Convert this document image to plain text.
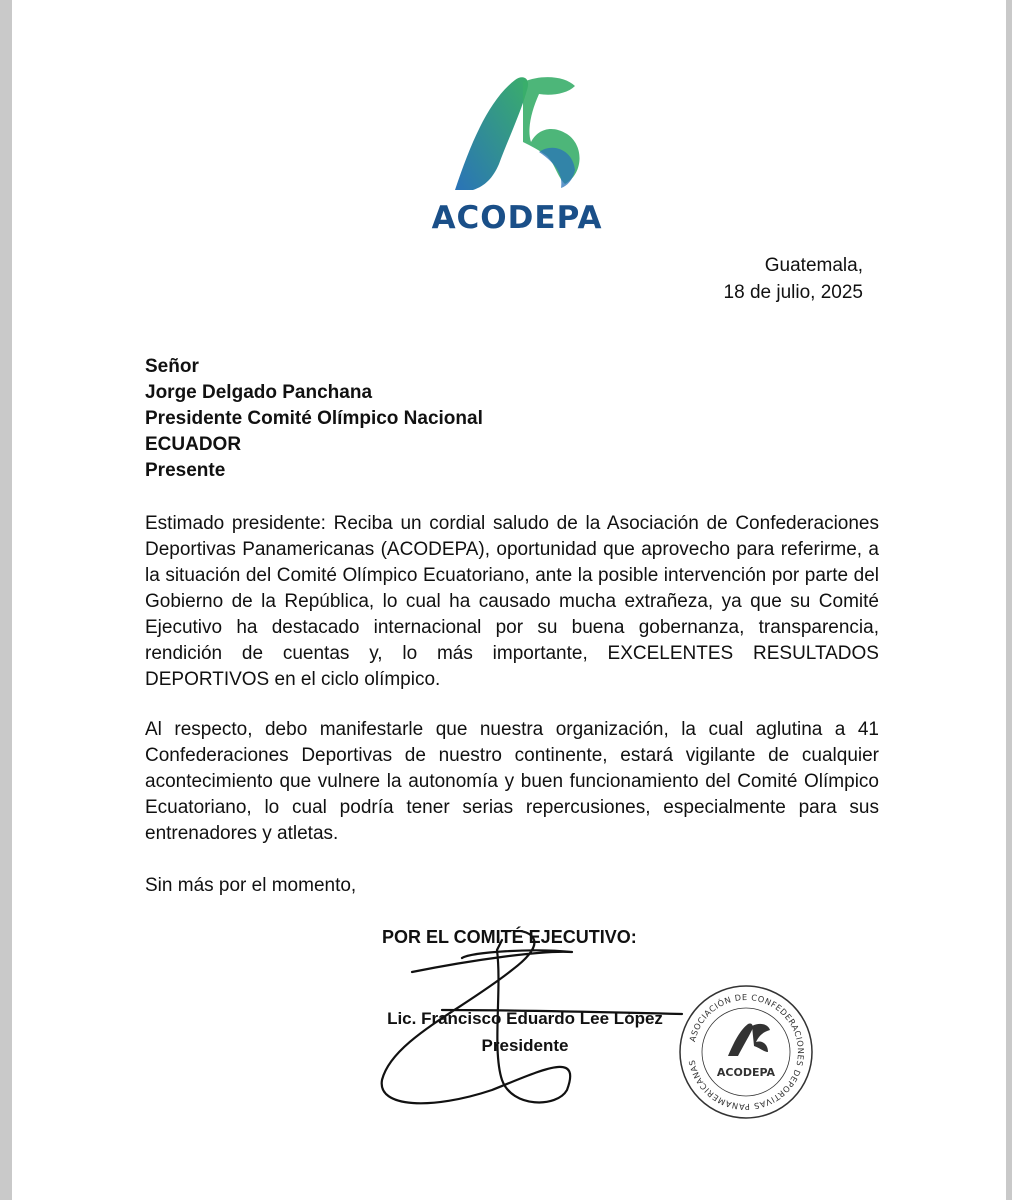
ACODEPA
Guatemala,
18 de julio, 2025
Señor
Jorge Delgado Panchana
Presidente Comité Olímpico Nacional
ECUADOR
Presente
Estimado presidente: Reciba un cordial saludo de la Asociación de Confederaciones Deportivas Panamericanas (ACODEPA), oportunidad que aprovecho para referirme, a la situación del Comité Olímpico Ecuatoriano, ante la posible intervención por parte del Gobierno de la República, lo cual ha causado mucha extrañeza, ya que su Comité Ejecutivo ha destacado internacional por su buena gobernanza, transparencia, rendición de cuentas y, lo más importante, EXCELENTES RESULTADOS DEPORTIVOS en el ciclo olímpico.
Al respecto, debo manifestarle que nuestra organización, la cual aglutina a 41 Confederaciones Deportivas de nuestro continente, estará vigilante de cualquier acontecimiento que vulnere la autonomía y buen funcionamiento del Comité Olímpico Ecuatoriano, lo cual podría tener serias repercusiones, especialmente para sus entrenadores y atletas.
Sin más por el momento,
POR EL COMITÉ EJECUTIVO:
Lic. Francisco Eduardo Lee López
Presidente	ASOCIACIÓN DE CONFEDERACIONES DEPORTIVAS PANAMERICANAS
ACODEPA
